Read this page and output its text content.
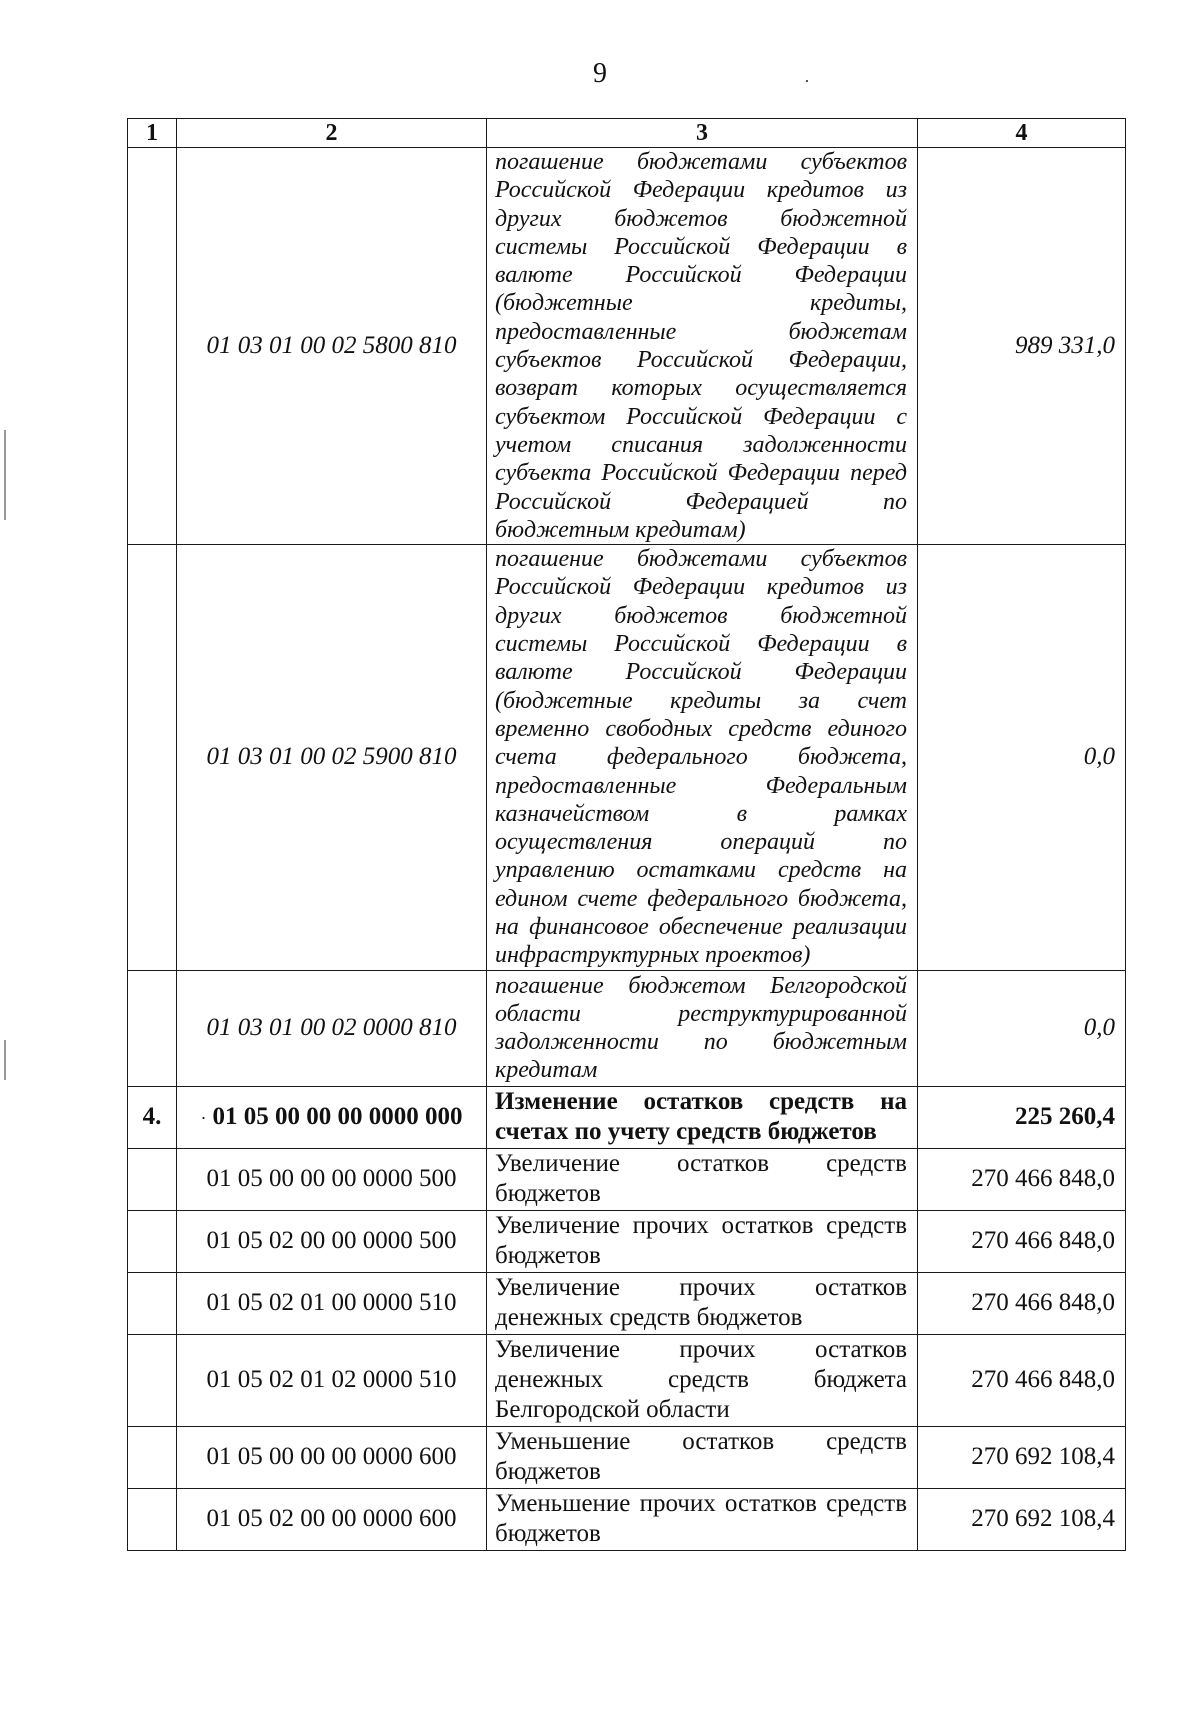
9
1	2	3	4
	01 03 01 00 02 5800 810	погашение бюджетами субъектов Российской Федерации кредитов из других бюджетов бюджетной системы Российской Федерации в валюте Российской Федерации (бюджетные кредиты, предоставленные бюджетам субъектов Российской Федерации, возврат которых осуществляется субъектом Российской Федерации с учетом списания задолженности субъекта Российской Федерации перед Российской Федерацией по бюджетным кредитам)	989 331,0
	01 03 01 00 02 5900 810	погашение бюджетами субъектов Российской Федерации кредитов из других бюджетов бюджетной системы Российской Федерации в валюте Российской Федерации (бюджетные кредиты за счет временно свободных средств единого счета федерального бюджета, предоставленные Федеральным казначейством в рамках осуществления операций по управлению остатками средств на едином счете федерального бюджета, на финансовое обеспечение реализации инфраструктурных проектов)	0,0
	01 03 01 00 02 0000 810	погашение бюджетом Белгородской области реструктурированной задолженности по бюджетным кредитам	0,0
4.	· 01 05 00 00 00 0000 000	Изменение остатков средств на счетах по учету средств бюджетов	225 260,4
	01 05 00 00 00 0000 500	Увеличение остатков средств бюджетов	270 466 848,0
	01 05 02 00 00 0000 500	Увеличение прочих остатков средств бюджетов	270 466 848,0
	01 05 02 01 00 0000 510	Увеличение прочих остатков денежных средств бюджетов	270 466 848,0
	01 05 02 01 02 0000 510	Увеличение прочих остатков денежных средств бюджета Белгородской области	270 466 848,0
	01 05 00 00 00 0000 600	Уменьшение остатков средств бюджетов	270 692 108,4
	01 05 02 00 00 0000 600	Уменьшение прочих остатков средств бюджетов	270 692 108,4
